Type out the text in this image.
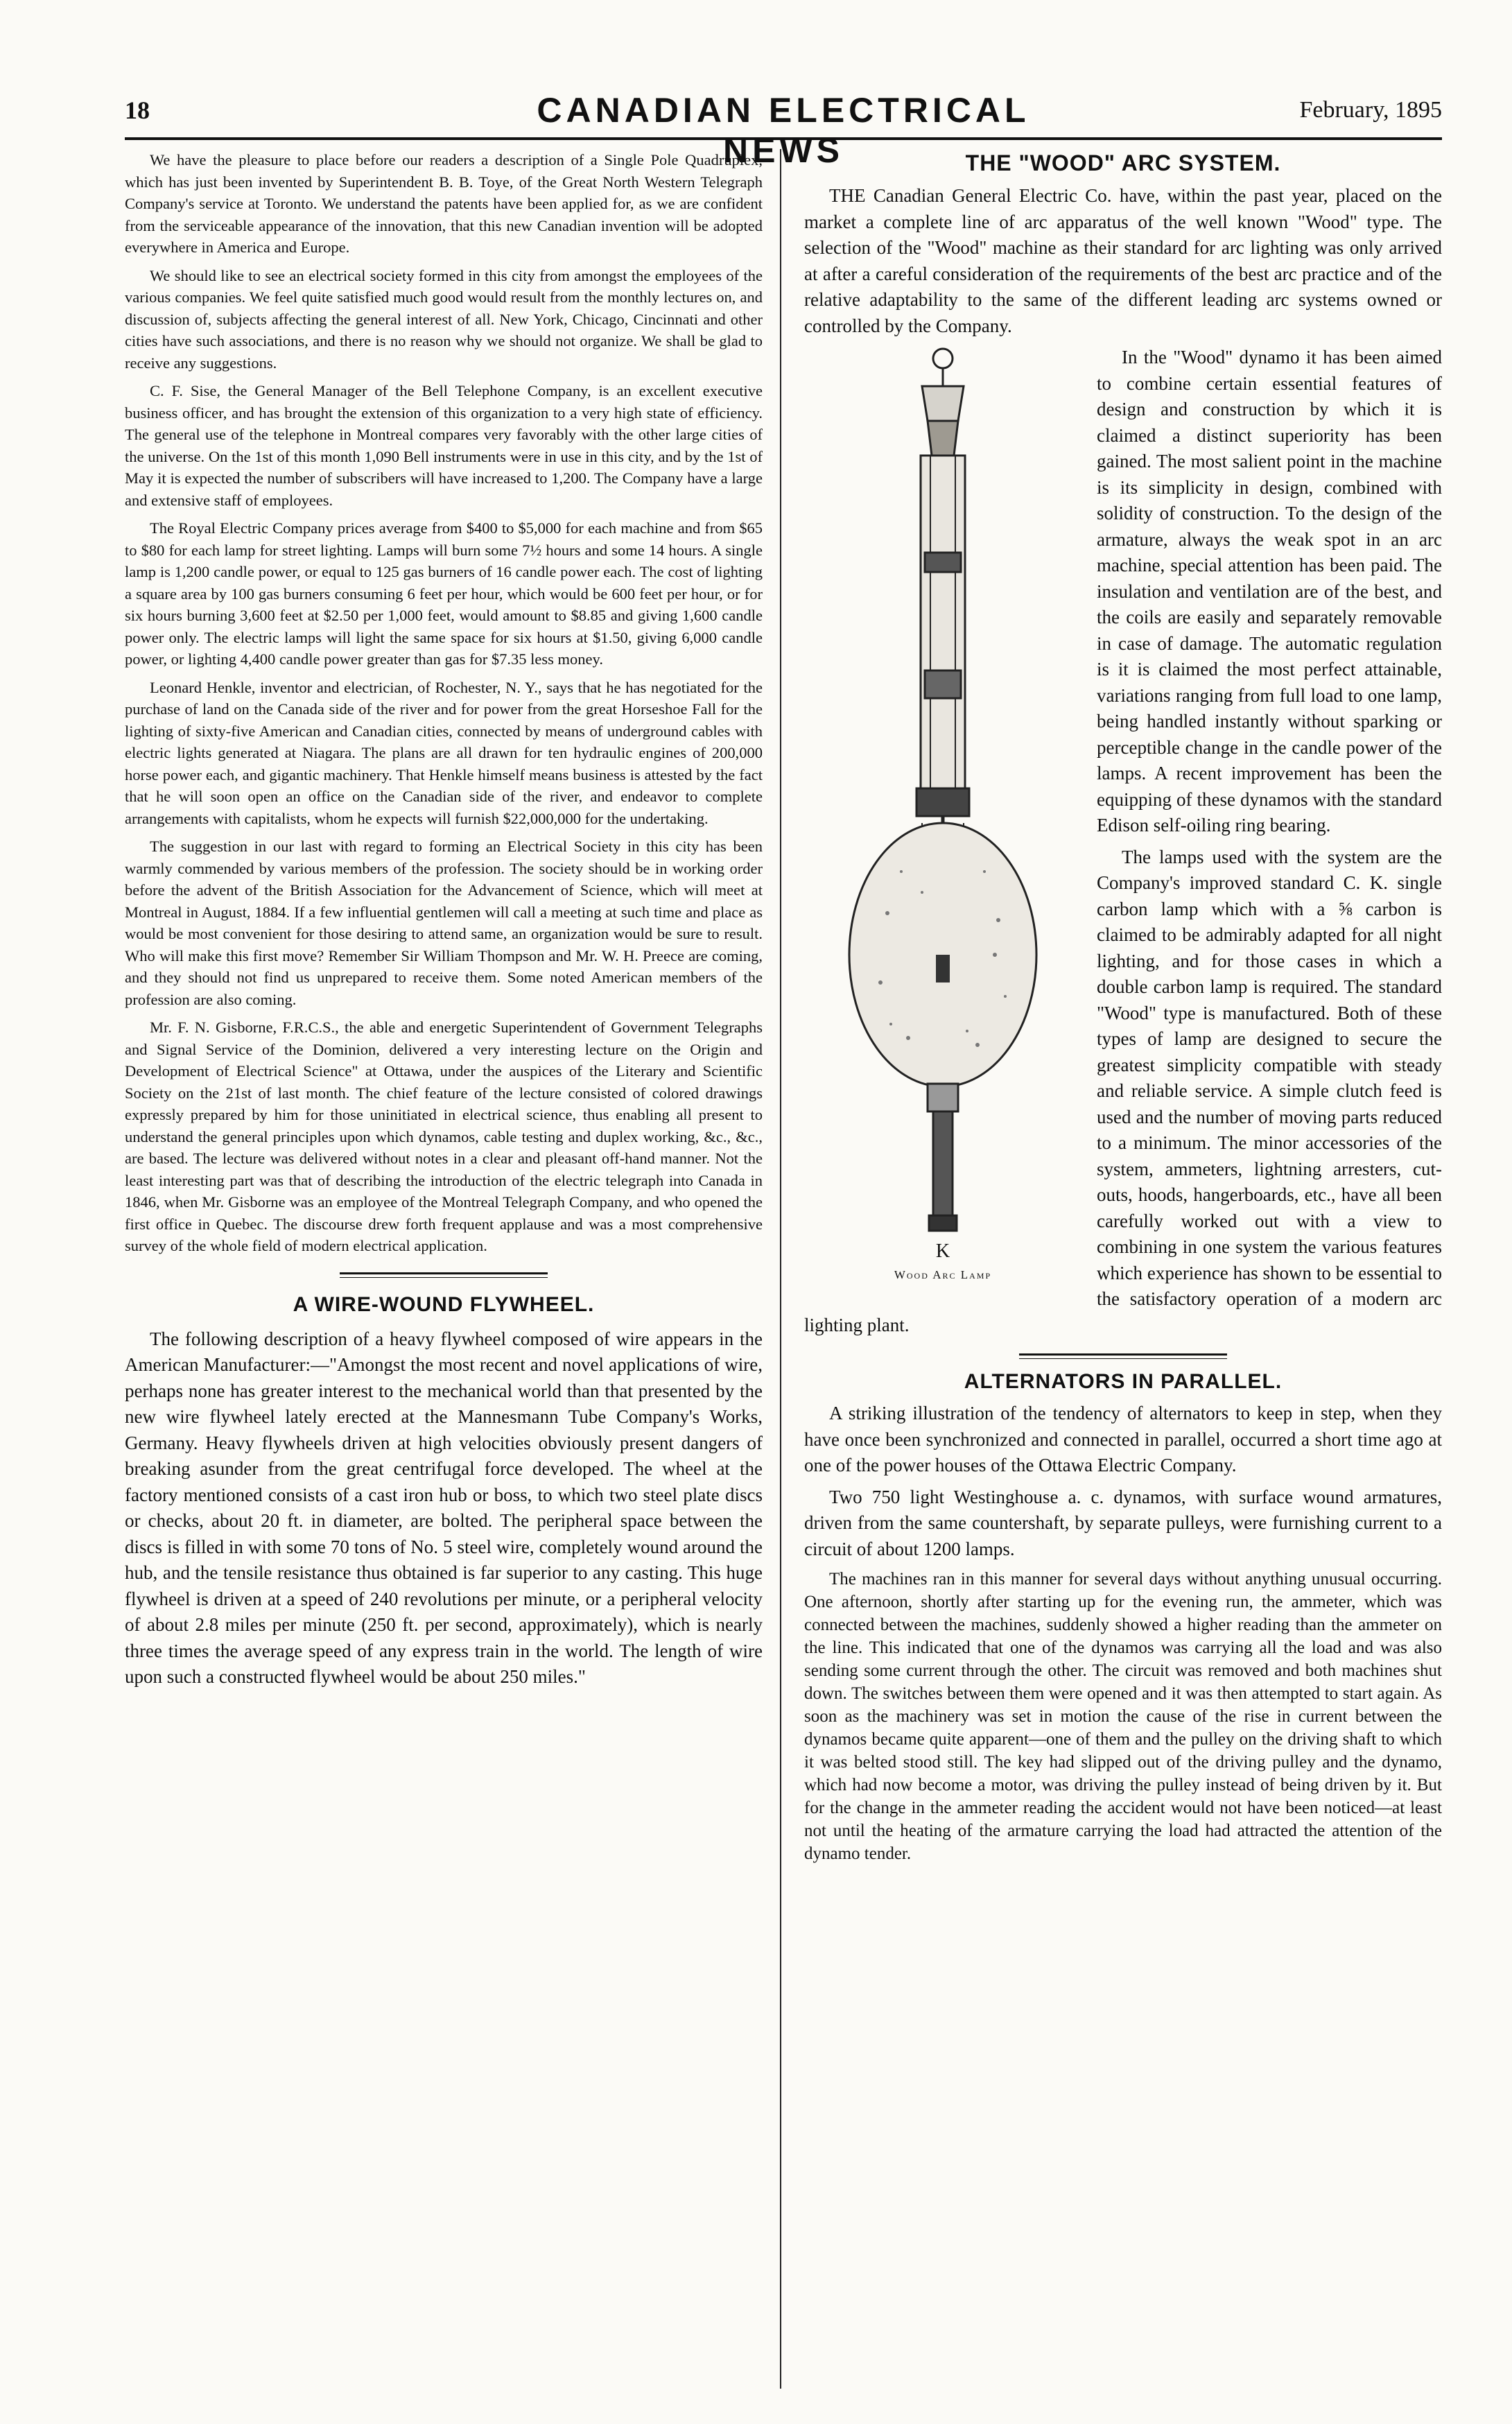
18	CANADIAN ELECTRICAL NEWS
February, 1895

We have the pleasure to place before our readers a description of a Single Pole Quadruplex, which has just been invented by Superintendent B. B. Toye, of the Great North Western Telegraph Company's service at Toronto. We understand the patents have been applied for, as we are confident from the serviceable appearance of the innovation, that this new Canadian invention will be adopted everywhere in America and Europe.

We should like to see an electrical society formed in this city from amongst the employees of the various companies. We feel quite satisfied much good would result from the monthly lectures on, and discussion of, subjects affecting the general interest of all. New York, Chicago, Cincinnati and other cities have such associations, and there is no reason why we should not organize. We shall be glad to receive any suggestions.

C. F. Sise, the General Manager of the Bell Telephone Company, is an excellent executive business officer, and has brought the extension of this organization to a very high state of efficiency. The general use of the telephone in Montreal compares very favorably with the other large cities of the universe. On the 1st of this month 1,090 Bell instruments were in use in this city, and by the 1st of May it is expected the number of subscribers will have increased to 1,200. The Company have a large and extensive staff of employees.

The Royal Electric Company prices average from $400 to $5,000 for each machine and from $65 to $80 for each lamp for street lighting. Lamps will burn some 7½ hours and some 14 hours. A single lamp is 1,200 candle power, or equal to 125 gas burners of 16 candle power each. The cost of lighting a square area by 100 gas burners consuming 6 feet per hour, which would be 600 feet per hour, or for six hours burning 3,600 feet at $2.50 per 1,000 feet, would amount to $8.85 and giving 1,600 candle power only. The electric lamps will light the same space for six hours at $1.50, giving 6,000 candle power, or lighting 4,400 candle power greater than gas for $7.35 less money.

Leonard Henkle, inventor and electrician, of Rochester, N. Y., says that he has negotiated for the purchase of land on the Canada side of the river and for power from the great Horseshoe Fall for the lighting of sixty-five American and Canadian cities, connected by means of underground cables with electric lights generated at Niagara. The plans are all drawn for ten hydraulic engines of 200,000 horse power each, and gigantic machinery. That Henkle himself means business is attested by the fact that he will soon open an office on the Canadian side of the river, and endeavor to complete arrangements with capitalists, whom he expects will furnish $22,000,000 for the undertaking.

The suggestion in our last with regard to forming an Electrical Society in this city has been warmly commended by various members of the profession. The society should be in working order before the advent of the British Association for the Advancement of Science, which will meet at Montreal in August, 1884. If a few influential gentlemen will call a meeting at such time and place as would be most convenient for those desiring to attend same, an organization would be sure to result. Who will make this first move? Remember Sir William Thompson and Mr. W. H. Preece are coming, and they should not find us unprepared to receive them. Some noted American members of the profession are also coming.

Mr. F. N. Gisborne, F.R.C.S., the able and energetic Superintendent of Government Telegraphs and Signal Service of the Dominion, delivered a very interesting lecture on the Origin and Development of Electrical Science" at Ottawa, under the auspices of the Literary and Scientific Society on the 21st of last month. The chief feature of the lecture consisted of colored drawings expressly prepared by him for those uninitiated in electrical science, thus enabling all present to understand the general principles upon which dynamos, cable testing and duplex working, &c., &c., are based. The lecture was delivered without notes in a clear and pleasant off-hand manner. Not the least interesting part was that of describing the introduction of the electric telegraph into Canada in 1846, when Mr. Gisborne was an employee of the Montreal Telegraph Company, and who opened the first office in Quebec. The discourse drew forth frequent applause and was a most comprehensive survey of the whole field of modern electrical application.

A WIRE-WOUND FLYWHEEL.

The following description of a heavy flywheel composed of wire appears in the American Manufacturer:—"Amongst the most recent and novel applications of wire, perhaps none has greater interest to the mechanical world than that presented by the new wire flywheel lately erected at the Mannesmann Tube Company's Works, Germany. Heavy flywheels driven at high velocities obviously present dangers of breaking asunder from the great centrifugal force developed. The wheel at the factory mentioned consists of a cast iron hub or boss, to which two steel plate discs or checks, about 20 ft. in diameter, are bolted. The peripheral space between the discs is filled in with some 70 tons of No. 5 steel wire, completely wound around the hub, and the tensile resistance thus obtained is far superior to any casting. This huge flywheel is driven at a speed of 240 revolutions per minute, or a peripheral velocity of about 2.8 miles per minute (250 ft. per second, approximately), which is nearly three times the average speed of any express train in the world. The length of wire upon such a constructed flywheel would be about 250 miles."

THE "WOOD" ARC SYSTEM.

THE Canadian General Electric Co. have, within the past year, placed on the market a complete line of arc apparatus of the well known "Wood" type. The selection of the "Wood" machine as their standard for arc lighting was only arrived at after a careful consideration of the requirements of the best arc practice and of the relative adaptability to the same of the different leading arc systems owned or controlled by the Company.

K
Wood Arc Lamp

In the "Wood" dynamo it has been aimed to combine certain essential features of design and construction by which it is claimed a distinct superiority has been gained. The most salient point in the machine is its simplicity in design, combined with solidity of construction. To the design of the armature, always the weak spot in an arc machine, special attention has been paid. The insulation and ventilation are of the best, and the coils are easily and separately removable in case of damage. The automatic regulation is it is claimed the most perfect attainable, variations ranging from full load to one lamp, being handled instantly without sparking or perceptible change in the candle power of the lamps. A recent improvement has been the equipping of these dynamos with the standard Edison self-oiling ring bearing.

The lamps used with the system are the Company's improved standard C. K. single carbon lamp which with a ⅝ carbon is claimed to be admirably adapted for all night lighting, and for those cases in which a double carbon lamp is required. The standard "Wood" type is manufactured. Both of these types of lamp are designed to secure the greatest simplicity compatible with steady and reliable service. A simple clutch feed is used and the number of moving parts reduced to a minimum. The minor accessories of the system, ammeters, lightning arresters, cut-outs, hoods, hangerboards, etc., have all been carefully worked out with a view to combining in one system the various features which experience has shown to be essential to the satisfactory operation of a modern arc lighting plant.

ALTERNATORS IN PARALLEL.

A striking illustration of the tendency of alternators to keep in step, when they have once been synchronized and connected in parallel, occurred a short time ago at one of the power houses of the Ottawa Electric Company.

Two 750 light Westinghouse a. c. dynamos, with surface wound armatures, driven from the same countershaft, by separate pulleys, were furnishing current to a circuit of about 1200 lamps.

The machines ran in this manner for several days without anything unusual occurring. One afternoon, shortly after starting up for the evening run, the ammeter, which was connected between the machines, suddenly showed a higher reading than the ammeter on the line. This indicated that one of the dynamos was carrying all the load and was also sending some current through the other. The circuit was removed and both machines shut down. The switches between them were opened and it was then attempted to start again. As soon as the machinery was set in motion the cause of the rise in current between the dynamos became quite apparent—one of them and the pulley on the driving shaft to which it was belted stood still. The key had slipped out of the driving pulley and the dynamo, which had now become a motor, was driving the pulley instead of being driven by it. But for the change in the ammeter reading the accident would not have been noticed—at least not until the heating of the armature carrying the load had attracted the attention of the dynamo tender.
